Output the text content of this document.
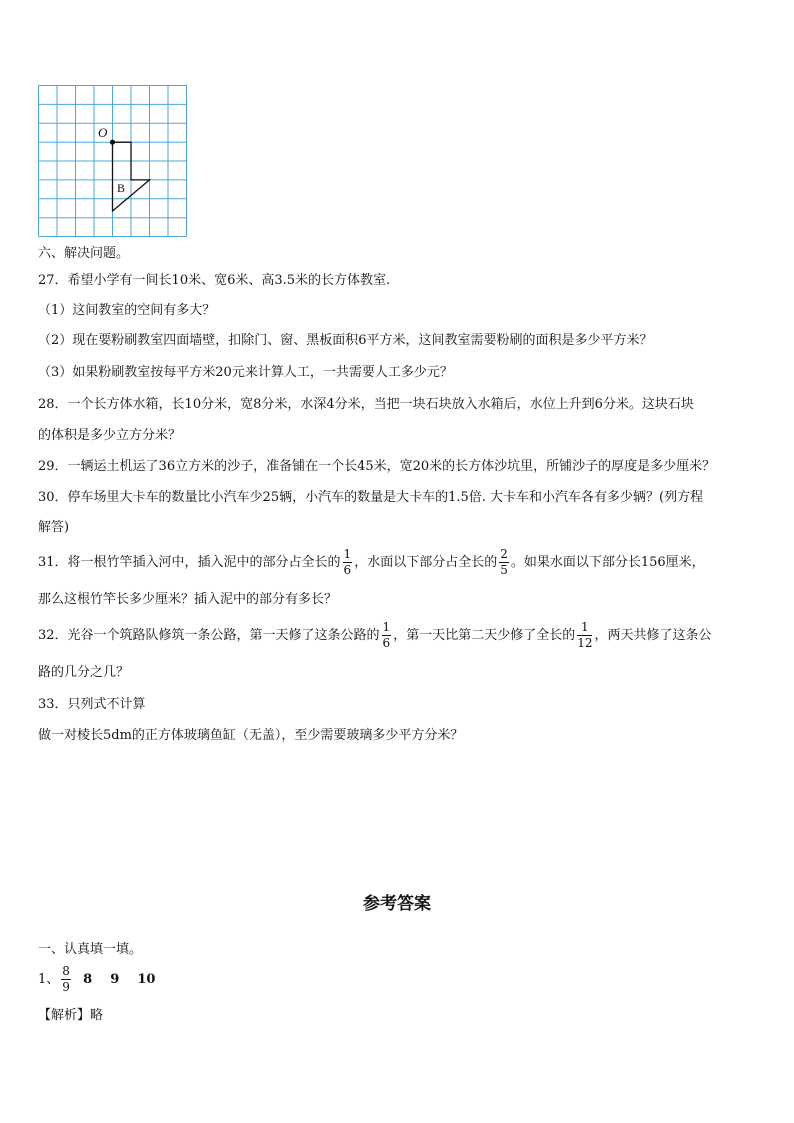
O
B
六、解决问题。
27．希望小学有一间长10米、宽6米、高3.5米的长方体教室.
（1）这间教室的空间有多大？
（2）现在要粉刷教室四面墙壁，扣除门、窗、黑板面积6平方米，这间教室需要粉刷的面积是多少平方米？
（3）如果粉刷教室按每平方米20元来计算人工，一共需要人工多少元？
28．一个长方体水箱，长10分米，宽8分米，水深4分米，当把一块石块放入水箱后，水位上升到6分米。这块石块
的体积是多少立方分米？
29．一辆运土机运了36立方米的沙子，准备铺在一个长45米，宽20米的长方体沙坑里，所铺沙子的厚度是多少厘米？
30．停车场里大卡车的数量比小汽车少25辆，小汽车的数量是大卡车的1.5倍. 大卡车和小汽车各有多少辆？(列方程
解答)
31．将一根竹竿插入河中，插入泥中的部分占全长的 $\frac{1}{6}$ ，水面以下部分占全长的 $\frac{2}{5}$ 。如果水面以下部分长156厘米，
那么这根竹竿长多少厘米？插入泥中的部分有多长？
32．光谷一个筑路队修筑一条公路，第一天修了这条公路的 $\frac{1}{6}$ ，第一天比第二天少修了全长的 $\frac{1}{12}$ ，两天共修了这条公
路的几分之几？
33．只列式不计算
做一对棱长5dm的正方体玻璃鱼缸（无盖），至少需要玻璃多少平方分米？
参考答案
一、认真填一填。
1、 $\frac{8}{9} 8$    9    10
【解析】略
